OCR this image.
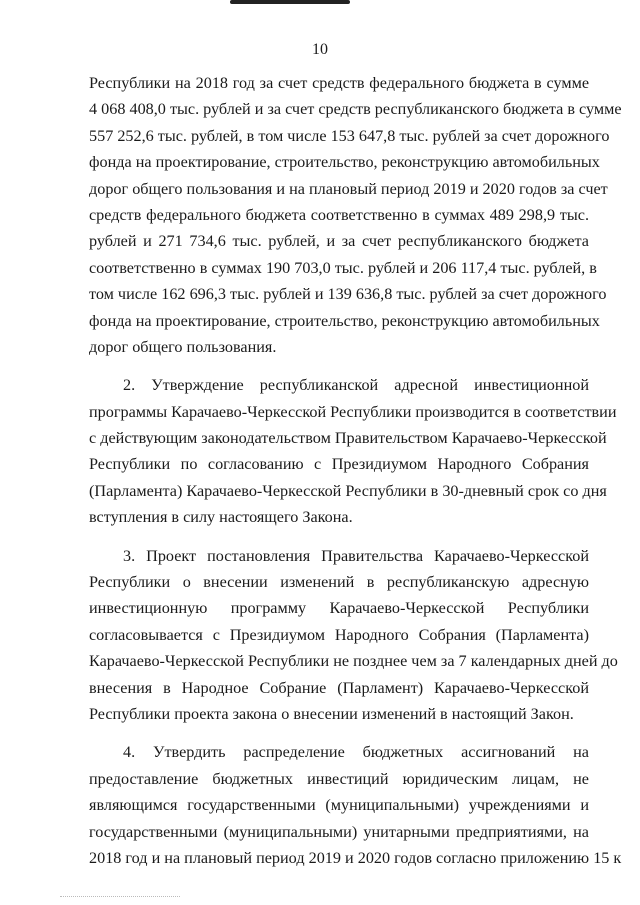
10
Республики на 2018 год за счет средств федерального бюджета в сумме
4 068 408,0 тыс. рублей и за счет средств республиканского бюджета в сумме
557 252,6 тыс. рублей, в том числе 153 647,8 тыс. рублей за счет дорожного
фонда на проектирование, строительство, реконструкцию автомобильных
дорог общего пользования и на плановый период 2019 и 2020 годов за счет
средств федерального бюджета соответственно в суммах 489 298,9 тыс.
рублей и 271 734,6 тыс. рублей, и за счет республиканского бюджета
соответственно в суммах 190 703,0 тыс. рублей и 206 117,4 тыс. рублей, в
том числе 162 696,3 тыс. рублей и 139 636,8 тыс. рублей за счет дорожного
фонда на проектирование, строительство, реконструкцию автомобильных
дорог общего пользования.
2. Утверждение республиканской адресной инвестиционной
программы Карачаево-Черкесской Республики производится в соответствии
с действующим законодательством Правительством Карачаево-Черкесской
Республики по согласованию с Президиумом Народного Собрания
(Парламента) Карачаево-Черкесской Республики в 30-дневный срок со дня
вступления в силу настоящего Закона.
3. Проект постановления Правительства Карачаево-Черкесской
Республики о внесении изменений в республиканскую адресную
инвестиционную программу Карачаево-Черкесской Республики
согласовывается с Президиумом Народного Собрания (Парламента)
Карачаево-Черкесской Республики не позднее чем за 7 календарных дней до
внесения в Народное Собрание (Парламент) Карачаево-Черкесской
Республики проекта закона о внесении изменений в настоящий Закон.
4. Утвердить распределение бюджетных ассигнований на
предоставление бюджетных инвестиций юридическим лицам, не
являющимся государственными (муниципальными) учреждениями и
государственными (муниципальными) унитарными предприятиями, на
2018 год и на плановый период 2019 и 2020 годов согласно приложению 15 к
